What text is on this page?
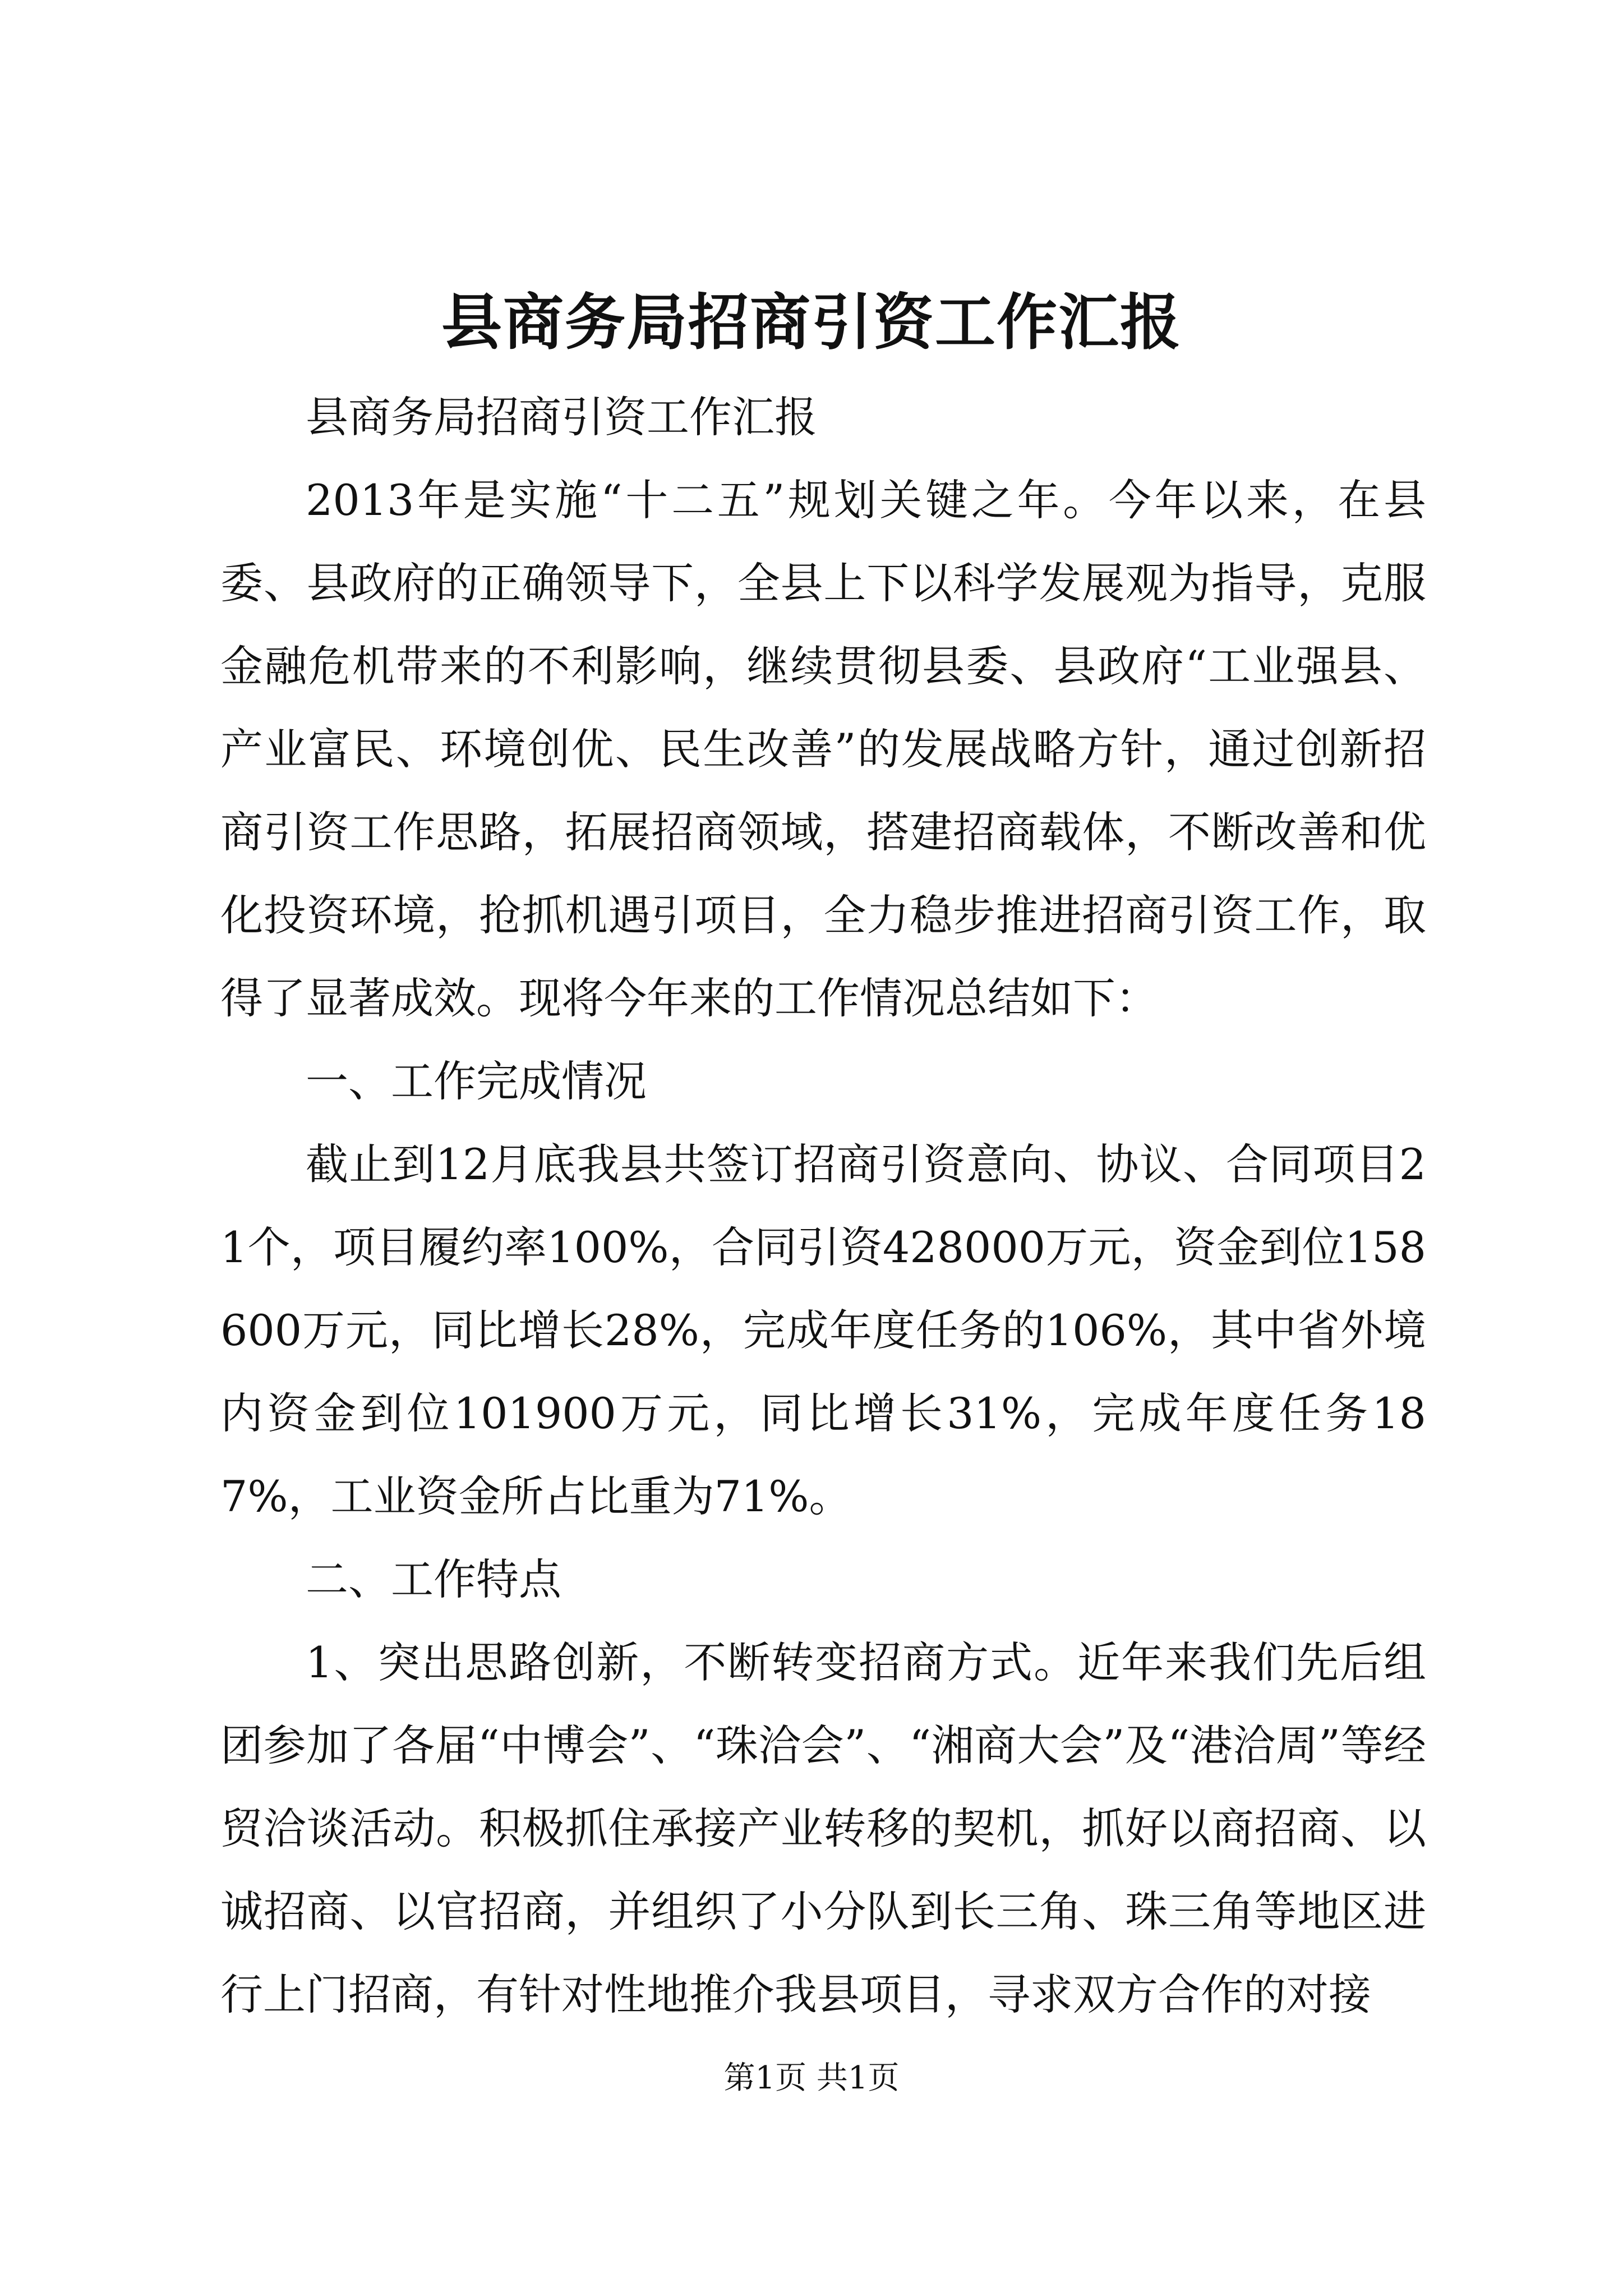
县商务局招商引资工作汇报

县商务局招商引资工作汇报

2013年是实施“十二五”规划关键之年。今年以来，在县委、县政府的正确领导下，全县上下以科学发展观为指导，克服金融危机带来的不利影响，继续贯彻县委、县政府“工业强县、产业富民、环境创优、民生改善”的发展战略方针，通过创新招商引资工作思路，拓展招商领域，搭建招商载体，不断改善和优化投资环境，抢抓机遇引项目，全力稳步推进招商引资工作，取得了显著成效。现将今年来的工作情况总结如下：

一、工作完成情况

截止到12月底我县共签订招商引资意向、协议、合同项目21个，项目履约率100%，合同引资428000万元，资金到位158600万元，同比增长28%，完成年度任务的106%，其中省外境内资金到位101900万元，同比增长31%，完成年度任务187%，工业资金所占比重为71%。

二、工作特点

1、突出思路创新，不断转变招商方式。近年来我们先后组团参加了各届“中博会”、“珠洽会”、“湘商大会”及“港洽周”等经贸洽谈活动。积极抓住承接产业转移的契机，抓好以商招商、以诚招商、以官招商，并组织了小分队到长三角、珠三角等地区进行上门招商，有针对性地推介我县项目，寻求双方合作的对接

第1页 共1页
